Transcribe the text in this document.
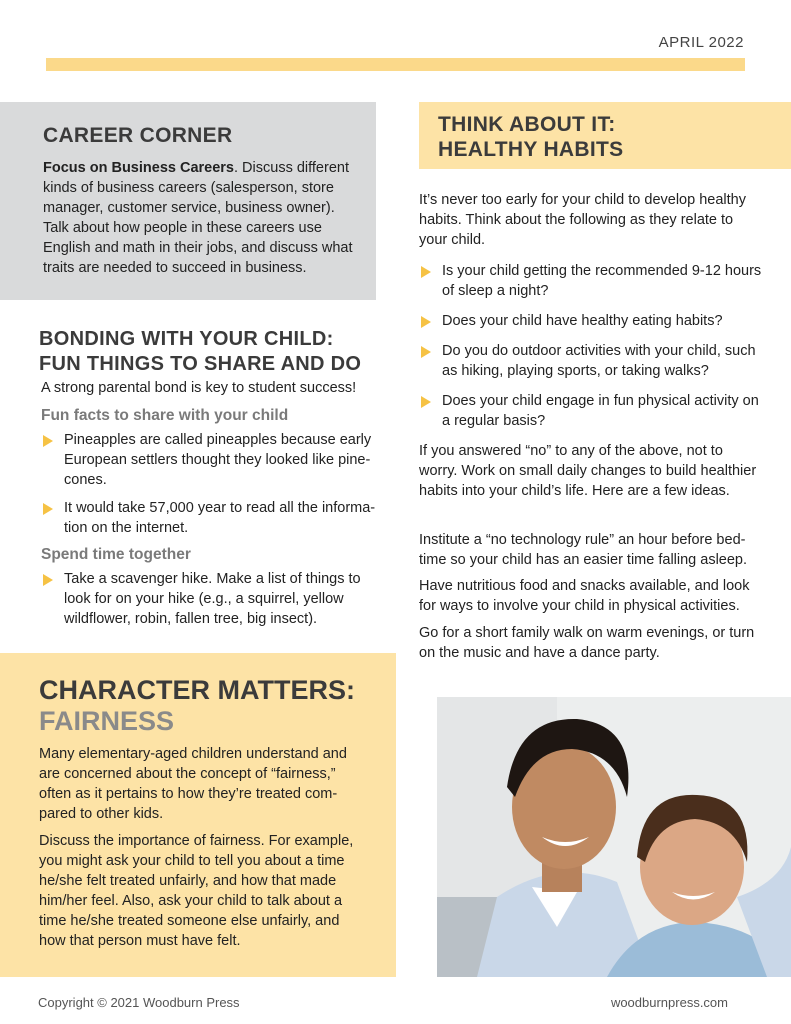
APRIL 2022
CAREER CORNER

Focus on Business Careers. Discuss different kinds of business careers (salesperson, store manager, customer service, business owner). Talk about how people in these careers use English and math in their jobs, and discuss what traits are needed to succeed in business.

BONDING WITH YOUR CHILD:
FUN THINGS TO SHARE AND DO
A strong parental bond is key to student success!
Fun facts to share with your child
Pineapples are called pineapples because early European settlers thought they looked like pine-cones.
It would take 57,000 year to read all the informa-tion on the internet.
Spend time together
Take a scavenger hike. Make a list of things to look for on your hike (e.g., a squirrel, yellow wildflower, robin, fallen tree, big insect).
CHARACTER MATTERS:
FAIRNESS

Many elementary-aged children understand and are concerned about the concept of “fairness,” often as it pertains to how they’re treated com-pared to other kids.

Discuss the importance of fairness. For example, you might ask your child to tell you about a time he/she felt treated unfairly, and how that made him/her feel. Also, ask your child to talk about a time he/she treated someone else unfairly, and how that person must have felt.

THINK ABOUT IT:
HEALTHY HABITS

It’s never too early for your child to develop healthy habits. Think about the following as they relate to your child.

Is your child getting the recommended 9-12 hours of sleep a night?
Does your child have healthy eating habits?
Do you do outdoor activities with your child, such as hiking, playing sports, or taking walks?
Does your child engage in fun physical activity on a regular basis?

If you answered “no” to any of the above, not to worry. Work on small daily changes to build healthier habits into your child’s life. Here are a few ideas.

Institute a “no technology rule” an hour before bed-time so your child has an easier time falling asleep.

Have nutritious food and snacks available, and look for ways to involve your child in physical activities.

Go for a short family walk on warm evenings, or turn on the music and have a dance party.

Copyright © 2021 Woodburn Press	woodburnpress.com
